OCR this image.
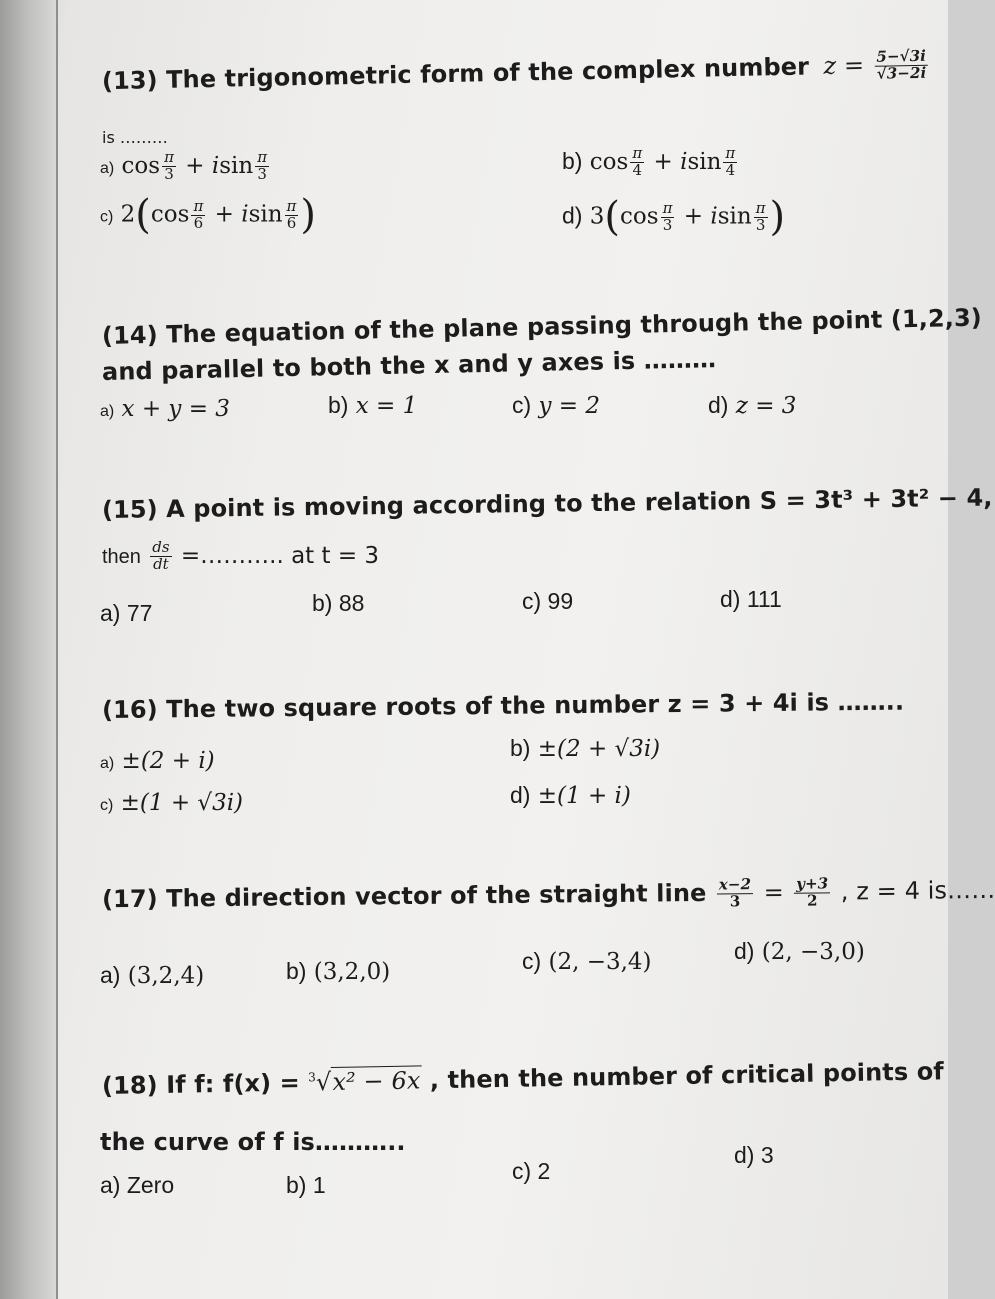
(13) The trigonometric form of the complex number $z = \frac{5-√3i}{√3-2i}$
is ………
a) $\cos \frac{\pi}{3} + isin \frac{\pi}{3}$	b) $\cos \frac{\pi}{4} + isin \frac{\pi}{4}$
c) $2(\cos \frac{\pi}{6} + isin \frac{\pi}{6}$ )	d) $3(\cos \frac{\pi}{3} + isin \frac{\pi}{3}$ )
(14) The equation of the plane passing through the point (1,2,3)
and parallel to both the x and y axes is ………
a) x + y = 3	b) x = 1	c) y = 2	d) z = 3
(15) A point is moving according to the relation S = 3t³ + 3t² − 4,
then $\frac{ds}{dt}$ =……….. at t = 3
a) 77	b) 88	c) 99	d) 111
(16) The two square roots of the number z = 3 + 4i is ……..
a) ±(2 + i)	b) ±(2 + √3i)
c) ±(1 + √3i)	d) ±(1 + i)
(17) The direction vector of the straight line $\frac{x-2}{3} = \frac{y+3}{2}$ , z = 4 is……
a) (3,2,4)	b) (3,2,0)	c) (2, −3,4)	d) (2, −3,0)
(18) If f: f(x) = $^3$√x² − 6x , then the number of critical points of
the curve of f is………..
a) Zero	b) 1
c) 2
d) 3
